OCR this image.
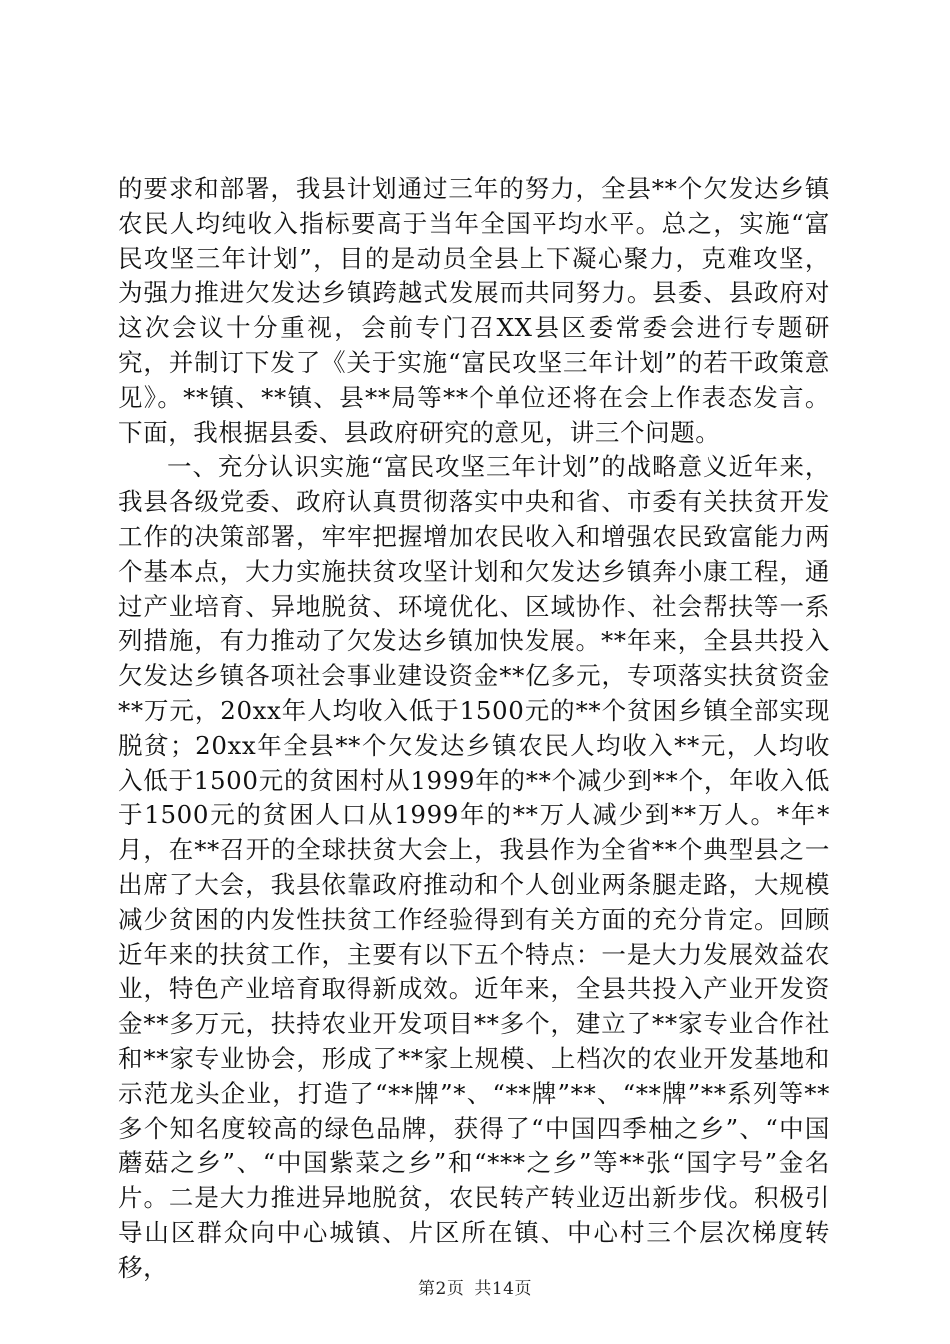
的要求和部署，我县计划通过三年的努力，全县**个欠发达乡镇农民人均纯收入指标要高于当年全国平均水平。总之，实施“富民攻坚三年计划”，目的是动员全县上下凝心聚力，克难攻坚，为强力推进欠发达乡镇跨越式发展而共同努力。县委、县政府对这次会议十分重视，会前专门召XX县区委常委会进行专题研究，并制订下发了《关于实施“富民攻坚三年计划”的若干政策意见》。**镇、**镇、县**局等**个单位还将在会上作表态发言。下面，我根据县委、县政府研究的意见，讲三个问题。

一、充分认识实施“富民攻坚三年计划”的战略意义近年来，我县各级党委、政府认真贯彻落实中央和省、市委有关扶贫开发工作的决策部署，牢牢把握增加农民收入和增强农民致富能力两个基本点，大力实施扶贫攻坚计划和欠发达乡镇奔小康工程，通过产业培育、异地脱贫、环境优化、区域协作、社会帮扶等一系列措施，有力推动了欠发达乡镇加快发展。**年来，全县共投入欠发达乡镇各项社会事业建设资金**亿多元，专项落实扶贫资金**万元，20xx年人均收入低于1500元的**个贫困乡镇全部实现脱贫；20xx年全县**个欠发达乡镇农民人均收入**元，人均收入低于1500元的贫困村从1999年的**个减少到**个，年收入低于1500元的贫困人口从1999年的**万人减少到**万人。*年*月，在**召开的全球扶贫大会上，我县作为全省**个典型县之一出席了大会，我县依靠政府推动和个人创业两条腿走路，大规模减少贫困的内发性扶贫工作经验得到有关方面的充分肯定。回顾近年来的扶贫工作，主要有以下五个特点：一是大力发展效益农业，特色产业培育取得新成效。近年来，全县共投入产业开发资金**多万元，扶持农业开发项目**多个，建立了**家专业合作社和**家专业协会，形成了**家上规模、上档次的农业开发基地和示范龙头企业，打造了“**牌”*、“**牌”**、“**牌”**系列等**多个知名度较高的绿色品牌，获得了“中国四季柚之乡”、“中国蘑菇之乡”、“中国紫菜之乡”和“***之乡”等**张“国字号”金名片。二是大力推进异地脱贫，农民转产转业迈出新步伐。积极引导山区群众向中心城镇、片区所在镇、中心村三个层次梯度转移，

第2页 共14页
